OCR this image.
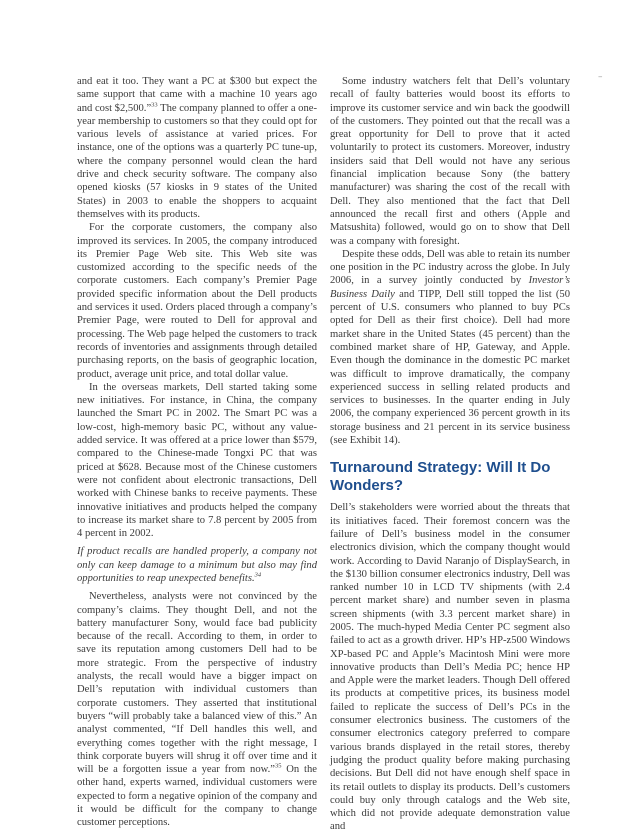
–

and eat it too. They want a PC at $300 but expect the same support that came with a machine 10 years ago and cost $2,500.”$^{33}$ The company planned to offer a one-year membership to customers so that they could opt for various levels of assistance at varied prices. For instance, one of the options was a quarterly PC tune-up, where the company personnel would clean the hard drive and check security software. The company also opened kiosks (57 kiosks in 9 states of the United States) in 2003 to enable the shoppers to acquaint themselves with its products.

For the corporate customers, the company also improved its services. In 2005, the company introduced its Premier Page Web site. This Web site was customized according to the specific needs of the corporate customers. Each company’s Premier Page provided specific information about the Dell products and services it used. Orders placed through a company’s Premier Page, were routed to Dell for approval and processing. The Web page helped the customers to track records of inventories and assignments through detailed purchasing reports, on the basis of geographic location, product, average unit price, and total dollar value.

In the overseas markets, Dell started taking some new initiatives. For instance, in China, the company launched the Smart PC in 2002. The Smart PC was a low-cost, high-memory basic PC, without any value-added service. It was offered at a price lower than $579, compared to the Chinese-made Tongxi PC that was priced at $628. Because most of the Chinese customers were not confident about electronic transactions, Dell worked with Chinese banks to receive payments. These innovative initiatives and products helped the company to increase its market share to 7.8 percent by 2005 from 4 percent in 2002.

If product recalls are handled properly, a company not only can keep damage to a minimum but also may find opportunities to reap unexpected benefits.$^{34}$

Nevertheless, analysts were not convinced by the company’s claims. They thought Dell, and not the battery manufacturer Sony, would face bad publicity because of the recall. According to them, in order to save its reputation among customers Dell had to be more strategic. From the perspective of industry analysts, the recall would have a bigger impact on Dell’s reputation with individual customers than corporate customers. They asserted that institutional buyers “will probably take a balanced view of this.” An analyst commented, “If Dell handles this well, and everything comes together with the right message, I think corporate buyers will shrug it off over time and it will be a forgotten issue a year from now.”$^{35}$ On the other hand, experts warned, individual customers were expected to form a negative opinion of the company and it would be difficult for the company to change customer perceptions.

Some industry watchers felt that Dell’s voluntary recall of faulty batteries would boost its efforts to improve its customer service and win back the goodwill of the customers. They pointed out that the recall was a great opportunity for Dell to prove that it acted voluntarily to protect its customers. Moreover, industry insiders said that Dell would not have any serious financial implication because Sony (the battery manufacturer) was sharing the cost of the recall with Dell. They also mentioned that the fact that Dell announced the recall first and others (Apple and Matsushita) followed, would go on to show that Dell was a company with foresight.

Despite these odds, Dell was able to retain its number one position in the PC industry across the globe. In July 2006, in a survey jointly conducted by Investor’s Business Daily and TIPP, Dell still topped the list (50 percent of U.S. consumers who planned to buy PCs opted for Dell as their first choice). Dell had more market share in the United States (45 percent) than the combined market share of HP, Gateway, and Apple. Even though the dominance in the domestic PC market was difficult to improve dramatically, the company experienced success in selling related products and services to businesses. In the quarter ending in July 2006, the company experienced 36 percent growth in its storage business and 21 percent in its service business (see Exhibit 14).

Turnaround Strategy: Will It Do Wonders?

Dell’s stakeholders were worried about the threats that its initiatives faced. Their foremost concern was the failure of Dell’s business model in the consumer electronics division, which the company thought would work. According to David Naranjo of DisplaySearch, in the $130 billion consumer electronics industry, Dell was ranked number 10 in LCD TV shipments (with 2.4 percent market share) and number seven in plasma screen shipments (with 3.3 percent market share) in 2005. The much-hyped Media Center PC segment also failed to act as a growth driver. HP’s HP-z500 Windows XP-based PC and Apple’s Macintosh Mini were more innovative products than Dell’s Media PC; hence HP and Apple were the market leaders. Though Dell offered its products at competitive prices, its business model failed to replicate the success of Dell’s PCs in the consumer electronics business. The customers of the consumer electronics category preferred to compare various brands displayed in the retail stores, thereby judging the product quality before making purchasing decisions. But Dell did not have enough shelf space in its retail outlets to display its products. Dell’s customers could buy only through catalogs and the Web site, which did not provide adequate demonstration value and
